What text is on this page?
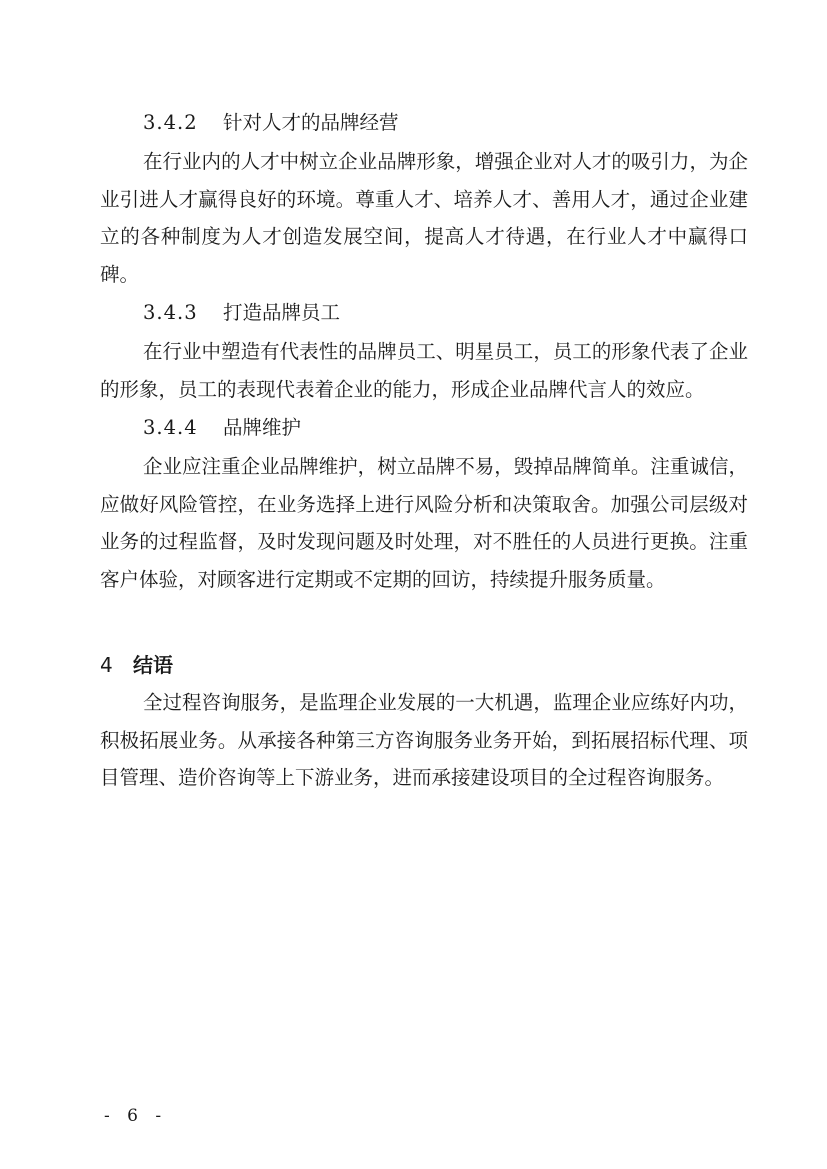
3.4.2 针对人才的品牌经营

在行业内的人才中树立企业品牌形象，增强企业对人才的吸引力，为企业引进人才赢得良好的环境。尊重人才、培养人才、善用人才，通过企业建立的各种制度为人才创造发展空间，提高人才待遇，在行业人才中赢得口碑。

3.4.3 打造品牌员工

在行业中塑造有代表性的品牌员工、明星员工，员工的形象代表了企业的形象，员工的表现代表着企业的能力，形成企业品牌代言人的效应。

3.4.4 品牌维护

企业应注重企业品牌维护，树立品牌不易，毁掉品牌简单。注重诚信，应做好风险管控，在业务选择上进行风险分析和决策取舍。加强公司层级对业务的过程监督，及时发现问题及时处理，对不胜任的人员进行更换。注重客户体验，对顾客进行定期或不定期的回访，持续提升服务质量。

4 结语

全过程咨询服务，是监理企业发展的一大机遇，监理企业应练好内功，积极拓展业务。从承接各种第三方咨询服务业务开始，到拓展招标代理、项目管理、造价咨询等上下游业务，进而承接建设项目的全过程咨询服务。

- 6 -
